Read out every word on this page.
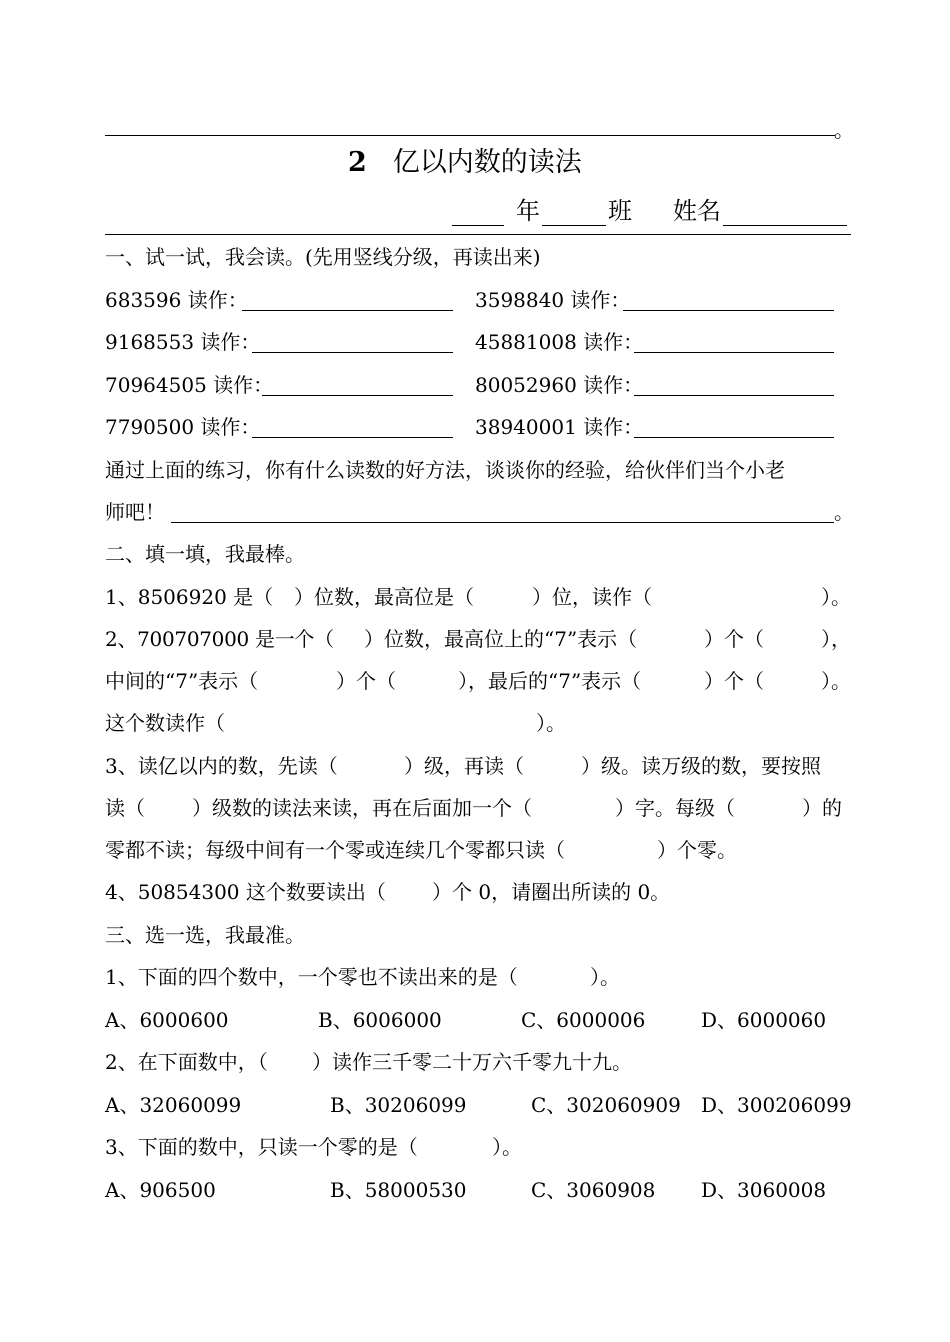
。
2 亿以内数的读法
年	班 姓名
一、试一试，我会读。(先用竖线分级，再读出来)
683596 读作：	3598840 读作：
9168553 读作：	45881008 读作：
70964505 读作：	80052960 读作：
7790500 读作：	38940001 读作：
通过上面的练习，你有什么读数的好方法，谈谈你的经验，给伙伴们当个小老
师吧！	。
二、填一填，我最棒。
1、8506920 是（ ）位数，最高位是（	）位，读作（	）。
2、700707000 是一个（ ）位数，最高位上的“7”表示（	）个（	），
中间的“7”表示（	）个（	），最后的“7”表示（	）个（	）。
这个数读作（	）。
3、读亿以内的数，先读（	）级，再读（	）级。读万级的数，要按照
读（ ）级数的读法来读，再在后面加一个（	）字。每级（	）的
零都不读；每级中间有一个零或连续几个零都只读（	）个零。
4、50854300 这个数要读出（ ）个 0，请圈出所读的 0。
三、选一选，我最准。
1、下面的四个数中，一个零也不读出来的是（	）。
A、6000600	B、6006000	C、6000006	D、6000060
2、在下面数中，（ ）读作三千零二十万六千零九十九。
A、32060099	B、30206099	C、302060909 D、300206099
3、下面的数中，只读一个零的是（	）。
A、906500	B、58000530	C、3060908 D、3060008
